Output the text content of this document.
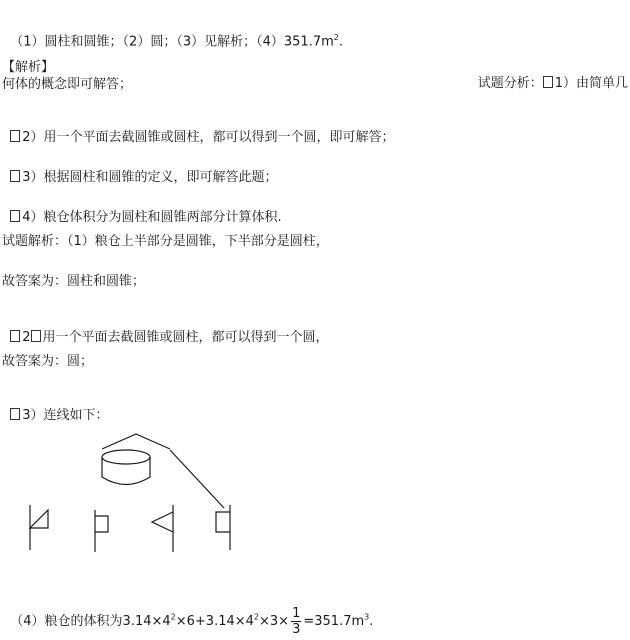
（1）圆柱和圆锥；（2）圆；（3）见解析；$(4)351.7m^2$.

【解析】

试题分析： 1）由简单几

何体的概念即可解答；

2）用一个平面去截圆锥或圆柱，都可以得到一个圆，即可解答；

3）根据圆柱和圆锥的定义，即可解答此题；

4）粮仓体积分为圆柱和圆锥两部分计算体积.

试题解析：（1）粮仓上半部分是圆锥，下半部分是圆柱，
故答案为：圆柱和圆锥；

2 用一个平面去截圆锥或圆柱，都可以得到一个圆，

故答案为：圆；

3）连线如下：

（4）粮仓的体积为$3.14\times 4^2\times 6+3.14\times 4^2\times 3\times \frac{1}{3} =351.7m^3$.
